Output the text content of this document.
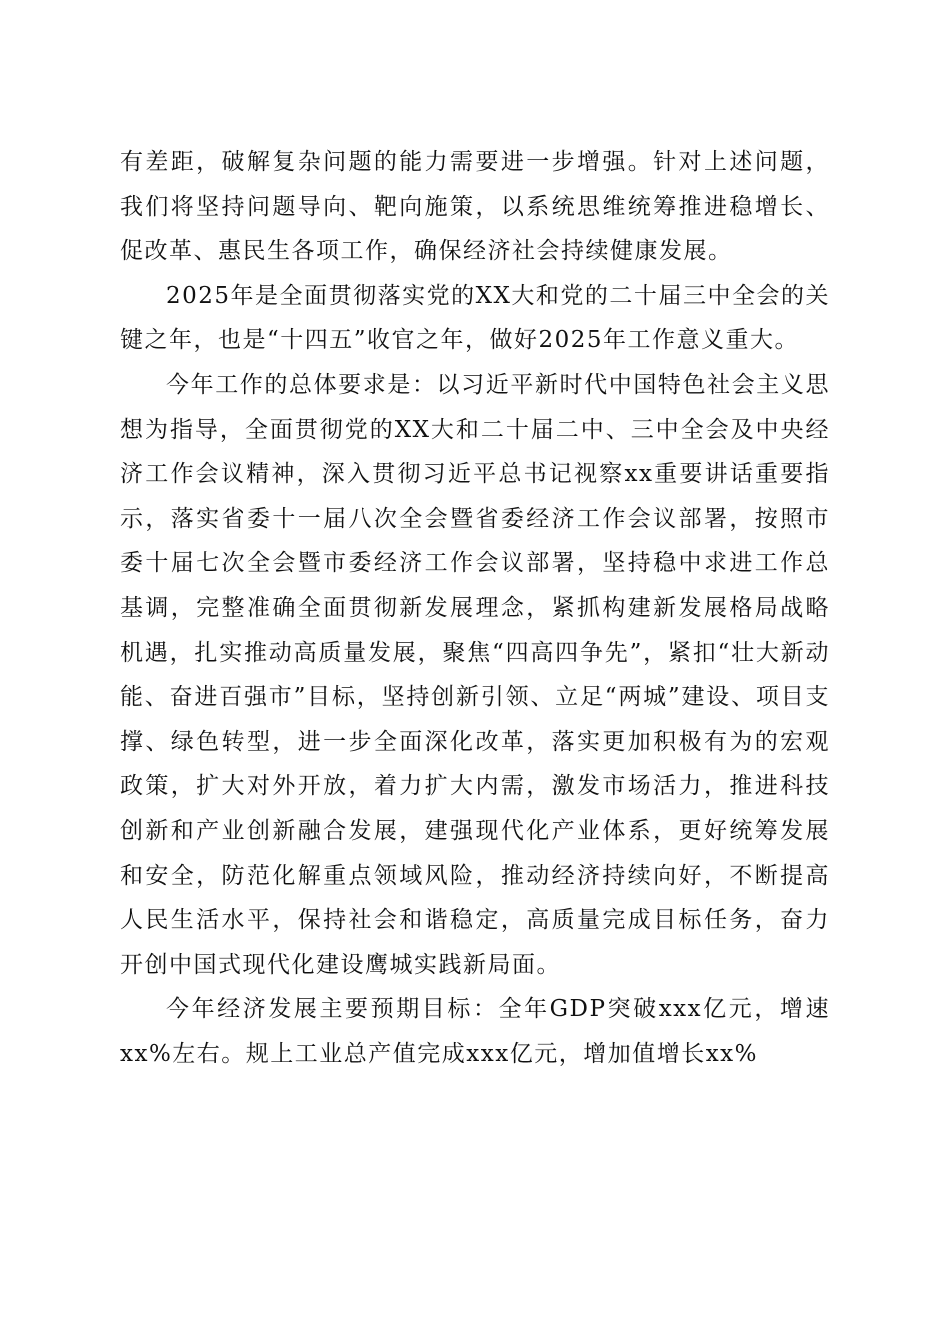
有差距，破解复杂问题的能力需要进一步增强。针对上述问题，我们将坚持问题导向、靶向施策，以系统思维统筹推进稳增长、促改革、惠民生各项工作，确保经济社会持续健康发展。

2025年是全面贯彻落实党的XX大和党的二十届三中全会的关键之年，也是“十四五”收官之年，做好2025年工作意义重大。

今年工作的总体要求是：以习近平新时代中国特色社会主义思想为指导，全面贯彻党的XX大和二十届二中、三中全会及中央经济工作会议精神，深入贯彻习近平总书记视察xx重要讲话重要指示，落实省委十一届八次全会暨省委经济工作会议部署，按照市委十届七次全会暨市委经济工作会议部署，坚持稳中求进工作总基调，完整准确全面贯彻新发展理念，紧抓构建新发展格局战略机遇，扎实推动高质量发展，聚焦“四高四争先”，紧扣“壮大新动能、奋进百强市”目标，坚持创新引领、立足“两城”建设、项目支撑、绿色转型，进一步全面深化改革，落实更加积极有为的宏观政策，扩大对外开放，着力扩大内需，激发市场活力，推进科技创新和产业创新融合发展，建强现代化产业体系，更好统筹发展和安全，防范化解重点领域风险，推动经济持续向好，不断提高人民生活水平，保持社会和谐稳定，高质量完成目标任务，奋力开创中国式现代化建设鹰城实践新局面。

今年经济发展主要预期目标：全年GDP突破xxx亿元，增速xx%左右。规上工业总产值完成xxx亿元，增加值增长xx%
